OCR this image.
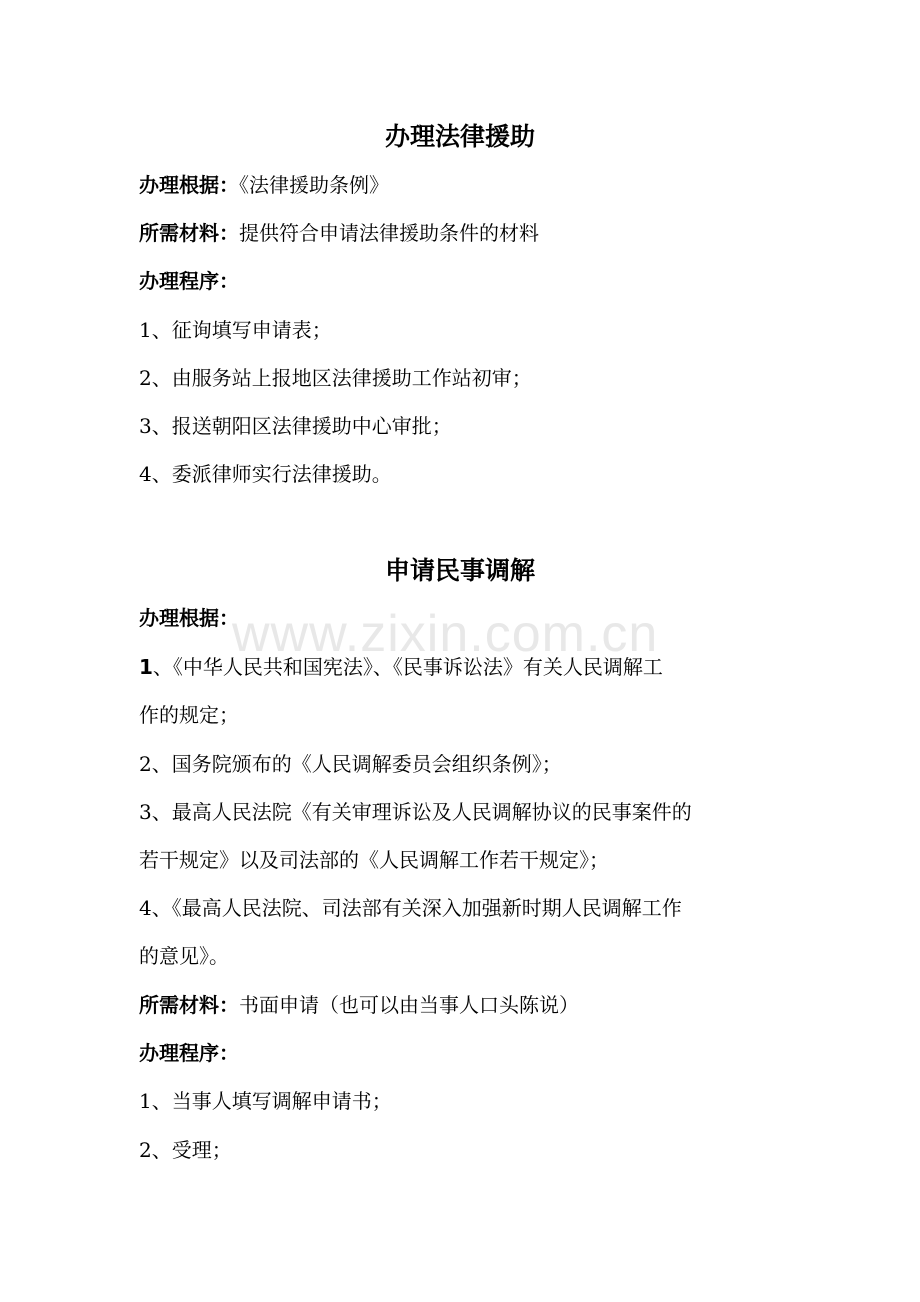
www.zixin.com.cn
办理法律援助
办理根据：《法律援助条例》
所需材料：提供符合申请法律援助条件的材料
办理程序：
1、征询填写申请表；
2、由服务站上报地区法律援助工作站初审；
3、报送朝阳区法律援助中心审批；
4、委派律师实行法律援助。
申请民事调解
办理根据：
1、《中华人民共和国宪法》、《民事诉讼法》有关人民调解工
作的规定；
2、国务院颁布的《人民调解委员会组织条例》；
3、最高人民法院《有关审理诉讼及人民调解协议的民事案件的
若干规定》以及司法部的《人民调解工作若干规定》；
4、《最高人民法院、司法部有关深入加强新时期人民调解工作
的意见》。
所需材料：书面申请（也可以由当事人口头陈说）
办理程序：
1、当事人填写调解申请书；
2、受理；
